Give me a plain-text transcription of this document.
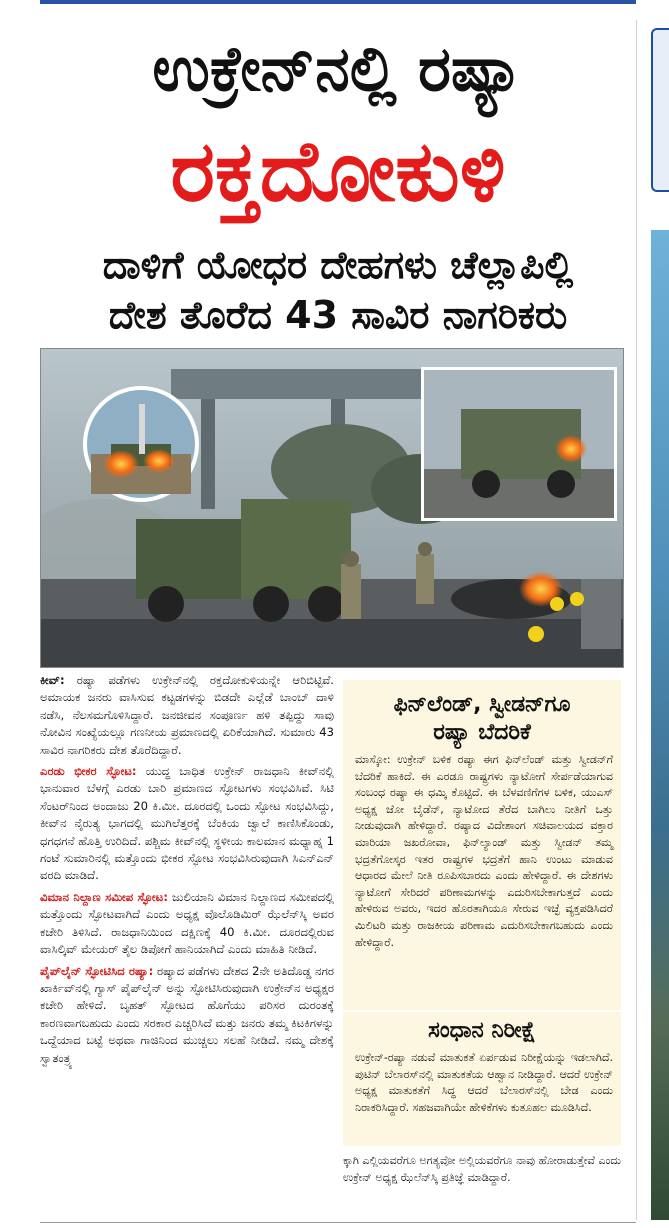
ಉಕ್ರೇನ್‌ನಲ್ಲಿ ರಷ್ಯಾ
ರಕ್ತದೋಕುಳಿ
ದಾಳಿಗೆ ಯೋಧರ ದೇಹಗಳು ಚೆಲ್ಲಾಪಿಲ್ಲಿ
ದೇಶ ತೊರೆದ 43 ಸಾವಿರ ನಾಗರಿಕರು

ಕೀವ್: ರಷ್ಯಾ ಪಡೆಗಳು ಉಕ್ರೇನ್‌ನಲ್ಲಿ ರಕ್ತದೋಕುಳಿಯನ್ನೇ ಆರಿಬಿಟ್ಟಿವೆ. ಅಮಾಯಕ ಜನರು ವಾಸಿಸುವ ಕಟ್ಟಡಗಳನ್ನು ಬಿಡದೇ ಎಲ್ಲೆಡೆ ಬಾಂಬ್ ದಾಳಿ ನಡೆಸಿ, ನೆಲಸಮಗೊಳಿಸಿದ್ದಾರೆ. ಜನಜೀವನ ಸಂಪೂರ್ಣ ಹಳಿ ತಪ್ಪಿದ್ದು ಸಾವು ನೋವಿನ ಸಂಖ್ಯೆಯಲ್ಲೂ ಗಣನೀಯ ಪ್ರಮಾಣದಲ್ಲಿ ಏರಿಕೆಯಾಗಿದೆ. ಸುಮಾರು 43 ಸಾವಿರ ನಾಗರಿಕರು ದೇಶ ತೊರೆದಿದ್ದಾರೆ.

ಎರಡು ಭೀಕರ ಸ್ಫೋಟ: ಯುದ್ಧ ಬಾಧಿತ ಉಕ್ರೇನ್ ರಾಜಧಾನಿ ಕೀವ್‌ನಲ್ಲಿ ಭಾನುವಾರ ಬೆಳಗ್ಗೆ ಎರಡು ಬಾರಿ ಪ್ರಮಾಣದ ಸ್ಫೋಟಗಳು ಸಂಭವಿಸಿವೆ. ಸಿಟಿ ಸೆಂಟರ್‌ನಿಂದ ಅಂದಾಜು 20 ಕಿ.ಮೀ. ದೂರದಲ್ಲಿ ಒಂದು ಸ್ಫೋಟ ಸಂಭವಿಸಿದ್ದು, ಕೀವ್‌ನ ನೈರುತ್ಯ ಭಾಗದಲ್ಲಿ ಮುಗಿಲೆತ್ತರಕ್ಕೆ ಬೆಂಕಿಯ ಜ್ವಾಲೆ ಕಾಣಿಸಿಕೊಂಡು, ಧಗಧಗನೆ ಹೊತ್ತಿ ಉರಿದಿದೆ. ಪಶ್ಚಿಮ ಕೀವ್‌ನಲ್ಲಿ ಸ್ಥಳೀಯ ಕಾಲಮಾನ ಮಧ್ಯಾಹ್ನ 1 ಗಂಟೆ ಸುಮಾರಿನಲ್ಲಿ ಮತ್ತೊಂದು ಭೀಕರ ಸ್ಫೋಟ ಸಂಭವಿಸಿರುವುದಾಗಿ ಸಿಎನ್‌ಎನ್ ವರದಿ ಮಾಡಿದೆ.

ವಿಮಾನ ನಿಲ್ದಾಣ ಸಮೀಪ ಸ್ಫೋಟ: ಜುಲಿಯಾನಿ ವಿಮಾನ ನಿಲ್ದಾಣದ ಸಮೀಪದಲ್ಲಿ ಮತ್ತೊಂದು ಸ್ಫೋಟವಾಗಿದೆ ಎಂದು ಅಧ್ಯಕ್ಷ ವೊಲೊಡಿಮಿರ್ ಝೆಲೆನ್‌ಸ್ಕಿ ಅವರ ಕಚೇರಿ ತಿಳಿಸಿದೆ. ರಾಜಧಾನಿಯಿಂದ ದಕ್ಷಿಣಕ್ಕೆ 40 ಕಿ.ಮೀ. ದೂರದಲ್ಲಿರುವ ವಾಸಿಲ್ಕಿವ್ ಮೇಯರ್ ತೈಲ ಡಿಪೋಗೆ ಹಾನಿಯಾಗಿದೆ ಎಂದು ಮಾಹಿತಿ ನೀಡಿದೆ.

ಪೈಪ್‌ಲೈನ್ ಸ್ಫೋಟಿಸಿದ ರಷ್ಯಾ: ರಷ್ಯಾದ ಪಡೆಗಳು ದೇಶದ 2ನೇ ಅತಿದೊಡ್ಡ ನಗರ ಖಾರ್ಕಿವ್‌ನಲ್ಲಿ ಗ್ಯಾಸ್ ಪೈಪ್‌ಲೈನ್ ಅನ್ನು ಸ್ಫೋಟಿಸಿರುವುದಾಗಿ ಉಕ್ರೇನ್‌ನ ಅಧ್ಯಕ್ಷರ ಕಚೇರಿ ಹೇಳಿದೆ. ಬೃಹತ್ ಸ್ಫೋಟದ ಹೊಗೆಯು ಪರಿಸರ ದುರಂತಕ್ಕೆ ಕಾರಣವಾಗಬಹುದು ಎಂದು ಸರಕಾರ ಎಚ್ಚರಿಸಿದೆ ಮತ್ತು ಜನರು ತಮ್ಮ ಕಿಟಕಿಗಳನ್ನು ಒದ್ದೆಯಾದ ಬಟ್ಟೆ ಅಥವಾ ಗಾಜಿನಿಂದ ಮುಚ್ಚಲು ಸಲಹೆ ನೀಡಿದೆ. ನಮ್ಮ ದೇಶಕ್ಕೆ ಸ್ವಾತಂತ್ರ್ಯ

ಫಿನ್‌ಲೆಂಡ್, ಸ್ವೀಡನ್‌ಗೂ
ರಷ್ಯಾ ಬೆದರಿಕೆ
ಮಾಸ್ಕೋ: ಉಕ್ರೇನ್ ಬಳಿಕ ರಷ್ಯಾ ಈಗ ಫಿನ್‌ಲೆಂಡ್ ಮತ್ತು ಸ್ವೀಡನ್‌ಗೆ ಬೆದರಿಕೆ ಹಾಕಿದೆ. ಈ ಎರಡೂ ರಾಷ್ಟ್ರಗಳು ನ್ಯಾಟೋಗೆ ಸೇರ್ಪಡೆಯಾಗುವ ಸಂಬಂಧ ರಷ್ಯಾ ಈ ಧಮ್ಕಿ ಕೊಟ್ಟಿದೆ. ಈ ಬೆಳವಣಿಗೆಗಳ ಬಳಿಕ, ಯುಎಸ್ ಅಧ್ಯಕ್ಷ ಜೋ ಬೈಡೆನ್, ನ್ಯಾಟೋದ ತೆರೆದ ಬಾಗಿಲು ನೀತಿಗೆ ಒತ್ತು ನೀಡುವುದಾಗಿ ಹೇಳಿದ್ದಾರೆ. ರಷ್ಯಾದ ವಿದೇಶಾಂಗ ಸಚಿವಾಲಯದ ವಕ್ತಾರ ಮಾರಿಯಾ ಜಖರೋವಾ, ಫಿನ್‌ಲ್ಯಾಂಡ್ ಮತ್ತು ಸ್ವೀಡನ್ ತಮ್ಮ ಭದ್ರತೆಗೋಸ್ಕರ ಇತರ ರಾಷ್ಟ್ರಗಳ ಭದ್ರತೆಗೆ ಹಾನಿ ಉಂಟು ಮಾಡುವ ಆಧಾರದ ಮೇಲೆ ನೀತಿ ರೂಪಿಸಬಾರದು ಎಂದು ಹೇಳಿದ್ದಾರೆ. ಈ ದೇಶಗಳು ನ್ಯಾಟೋಗೆ ಸೇರಿದರೆ ಪರಿಣಾಮಗಳನ್ನು ಎದುರಿಸಬೇಕಾಗುತ್ತದೆ ಎಂದು ಹೇಳಿರುವ ಅವರು, ಇದರ ಹೊರತಾಗಿಯೂ ಸೇರುವ ಇಚ್ಛೆ ವ್ಯಕ್ತಪಡಿಸಿದರೆ ಮಿಲಿಟರಿ ಮತ್ತು ರಾಜಕೀಯ ಪರಿಣಾಮ ಎದುರಿಸಬೇಕಾಗಬಹುದು ಎಂದು ಹೇಳಿದ್ದಾರೆ.
ಸಂಧಾನ ನಿರೀಕ್ಷೆ
ಉಕ್ರೇನ್-ರಷ್ಯಾ ನಡುವೆ ಮಾತುಕತೆ ಏರ್ಪಡುವ ನಿರೀಕ್ಷೆಯನ್ನು ಇಡಲಾಗಿದೆ. ಪುಟಿನ್ ಬೆಲಾರಸ್‌ನಲ್ಲಿ ಮಾತುಕತೆಯ ಆಹ್ವಾನ ನೀಡಿದ್ದಾರೆ. ಆದರೆ ಉಕ್ರೇನ್ ಅಧ್ಯಕ್ಷ ಮಾತುಕತೆಗೆ ಸಿದ್ಧ ಆದರೆ ಬೆಲಾರಸ್‌ನಲ್ಲಿ ಬೇಡ ಎಂದು ನಿರಾಕರಿಸಿದ್ದಾರೆ. ಸಹಜವಾಗಿಯೇ ಹೇಳಿಕೆಗಳು ಕುತೂಹಲ ಮೂಡಿಸಿದೆ.
ಕ್ಕಾಗಿ ಎಲ್ಲಿಯವರೆಗೂ ಅಗತ್ಯವೋ ಅಲ್ಲಿಯವರೆಗೂ ನಾವು ಹೋರಾಡುತ್ತೇವೆ ಎಂದು ಉಕ್ರೇನ್ ಅಧ್ಯಕ್ಷ ಝೆಲೆನ್‌ಸ್ಕಿ ಪ್ರತಿಜ್ಞೆ ಮಾಡಿದ್ದಾರೆ.
